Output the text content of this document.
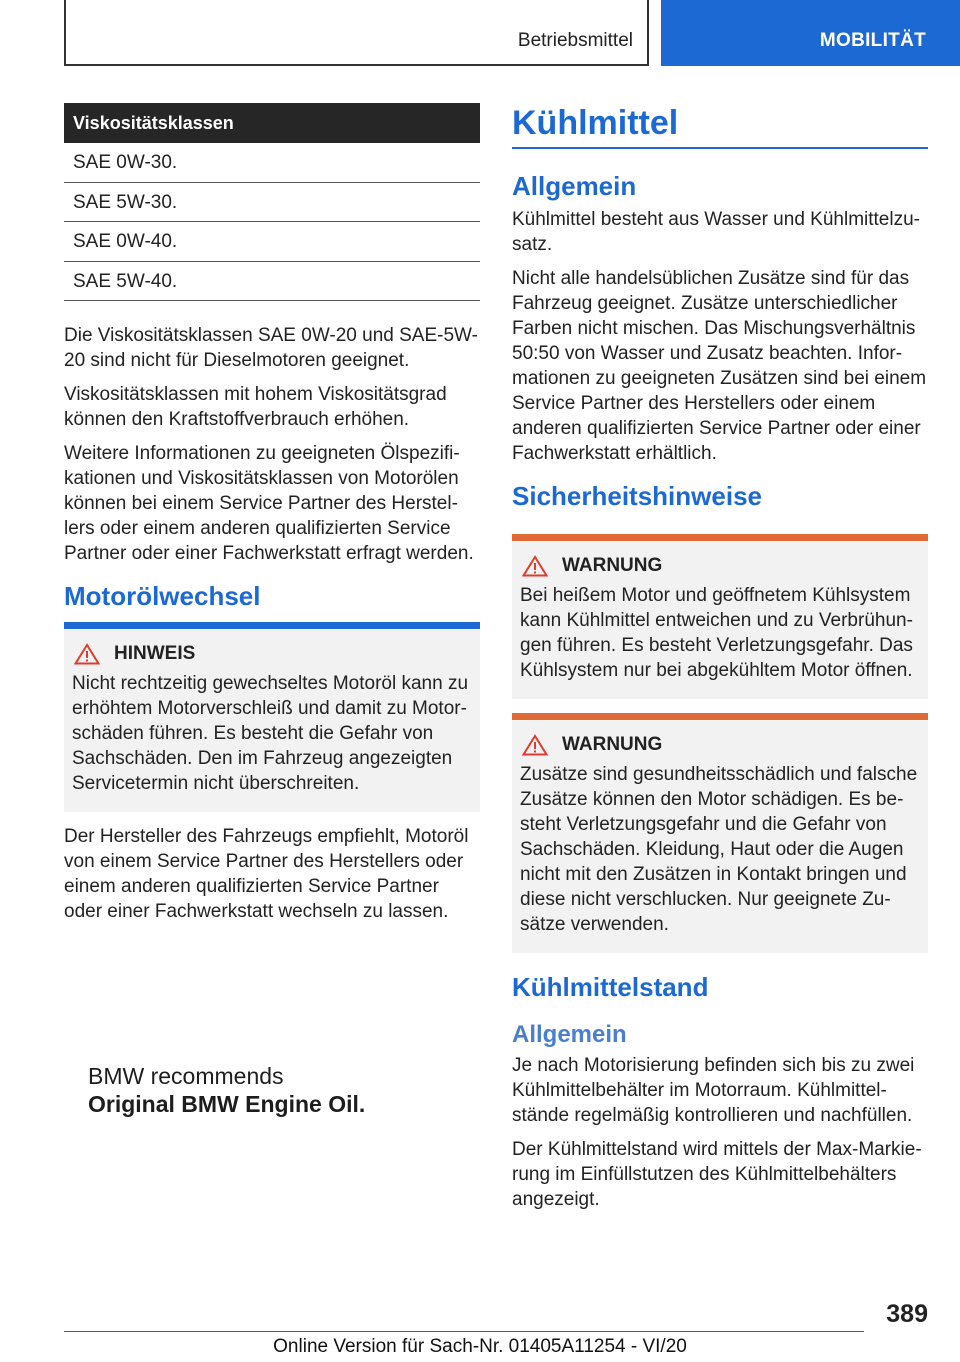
Betriebsmittel	MOBILITÄT
Viskositätsklassen
SAE 0W-30.
SAE 5W-30.
SAE 0W-40.
SAE 5W-40.

Die Viskositätsklassen SAE 0W-20 und SAE-5W-20 sind nicht für Dieselmotoren geeignet.

Viskositätsklassen mit hohem Viskositätsgrad können den Kraftstoffverbrauch erhöhen.

Weitere Informationen zu geeigneten Ölspezifikationen und Viskositätsklassen von Motorölen können bei einem Service Partner des Herstellers oder einem anderen qualifizierten Service Partner oder einer Fachwerkstatt erfragt werden.

Motorölwechsel
HINWEIS
Nicht rechtzeitig gewechseltes Motoröl kann zu erhöhtem Motorverschleiß und damit zu Motorschäden führen. Es besteht die Gefahr von Sachschäden. Den im Fahrzeug angezeigten Servicetermin nicht überschreiten.

Der Hersteller des Fahrzeugs empfiehlt, Motoröl von einem Service Partner des Herstellers oder einem anderen qualifizierten Service Partner oder einer Fachwerkstatt wechseln zu lassen.

BMW recommends
Original BMW Engine Oil.
Kühlmittel
Allgemein

Kühlmittel besteht aus Wasser und Kühlmittelzusatz.

Nicht alle handelsüblichen Zusätze sind für das Fahrzeug geeignet. Zusätze unterschiedlicher Farben nicht mischen. Das Mischungsverhältnis 50:50 von Wasser und Zusatz beachten. Informationen zu geeigneten Zusätzen sind bei einem Service Partner des Herstellers oder einem anderen qualifizierten Service Partner oder einer Fachwerkstatt erhältlich.

Sicherheitshinweise
WARNUNG
Bei heißem Motor und geöffnetem Kühlsystem kann Kühlmittel entweichen und zu Verbrühungen führen. Es besteht Verletzungsgefahr. Das Kühlsystem nur bei abgekühltem Motor öffnen.
WARNUNG
Zusätze sind gesundheitsschädlich und falsche Zusätze können den Motor schädigen. Es besteht Verletzungsgefahr und die Gefahr von Sachschäden. Kleidung, Haut oder die Augen nicht mit den Zusätzen in Kontakt bringen und diese nicht verschlucken. Nur geeignete Zusätze verwenden.
Kühlmittelstand
Allgemein

Je nach Motorisierung befinden sich bis zu zwei Kühlmittelbehälter im Motorraum. Kühlmittelstände regelmäßig kontrollieren und nachfüllen.

Der Kühlmittelstand wird mittels der Max-Markierung im Einfüllstutzen des Kühlmittelbehälters angezeigt.

389
Online Version für Sach-Nr. 01405A11254 - VI/20
